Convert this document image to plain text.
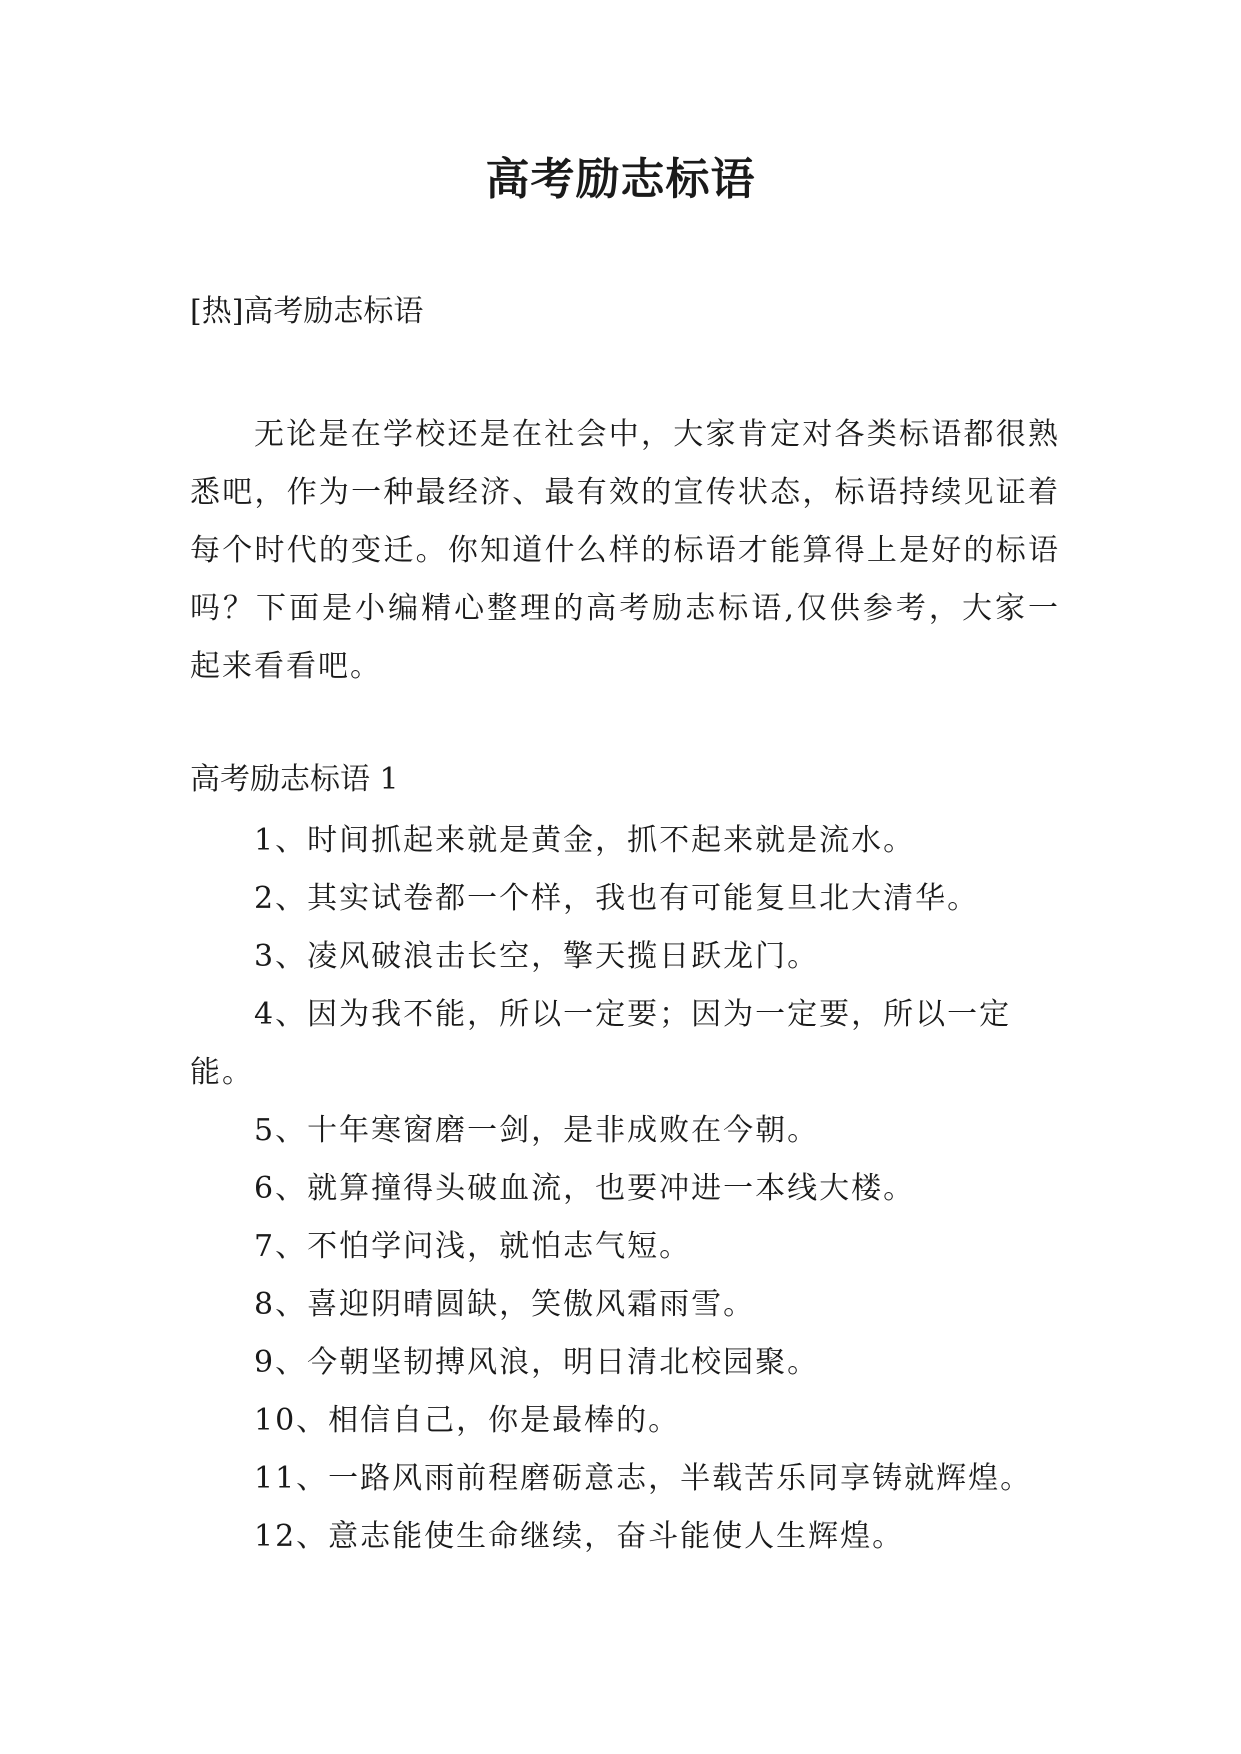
高考励志标语
[热]高考励志标语

无论是在学校还是在社会中，大家肯定对各类标语都很熟悉吧，作为一种最经济、最有效的宣传状态，标语持续见证着每个时代的变迁。你知道什么样的标语才能算得上是好的标语吗？下面是小编精心整理的高考励志标语,仅供参考，大家一起来看看吧。

高考励志标语 1
1、时间抓起来就是黄金，抓不起来就是流水。
2、其实试卷都一个样，我也有可能复旦北大清华。
3、凌风破浪击长空，擎天揽日跃龙门。
4、因为我不能，所以一定要；因为一定要，所以一定能。
5、十年寒窗磨一剑，是非成败在今朝。
6、就算撞得头破血流，也要冲进一本线大楼。
7、不怕学问浅，就怕志气短。
8、喜迎阴晴圆缺，笑傲风霜雨雪。
9、今朝坚韧搏风浪，明日清北校园聚。
10、相信自己，你是最棒的。
11、一路风雨前程磨砺意志，半载苦乐同享铸就辉煌。
12、意志能使生命继续，奋斗能使人生辉煌。
